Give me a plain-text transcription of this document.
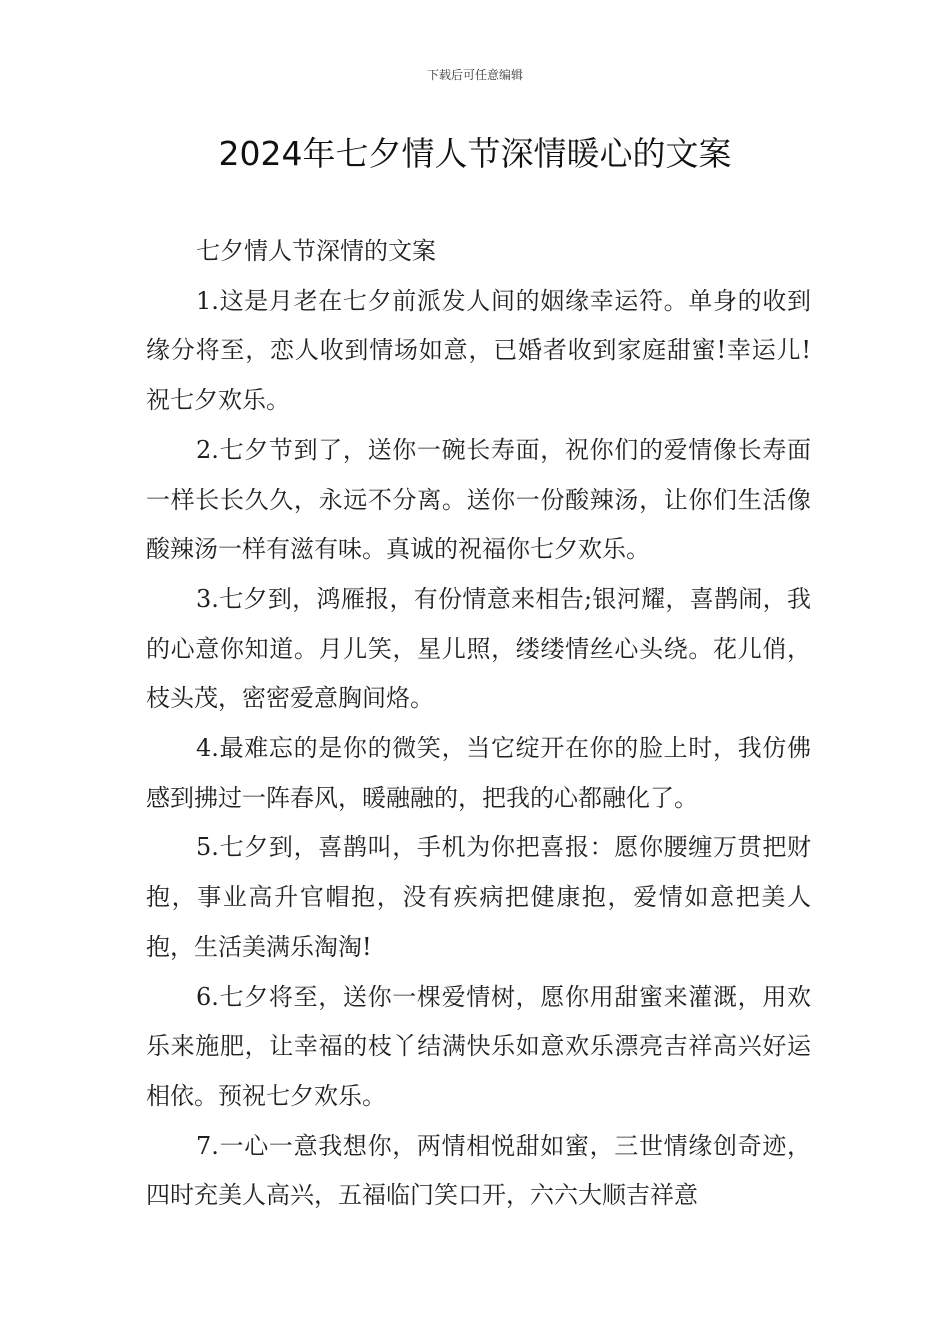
下载后可任意编辑
2024年七夕情人节深情暖心的文案

七夕情人节深情的文案

1.这是月老在七夕前派发人间的姻缘幸运符。单身的收到缘分将至，恋人收到情场如意，已婚者收到家庭甜蜜!幸运儿!祝七夕欢乐。

2.七夕节到了，送你一碗长寿面，祝你们的爱情像长寿面一样长长久久，永远不分离。送你一份酸辣汤，让你们生活像酸辣汤一样有滋有味。真诚的祝福你七夕欢乐。

3.七夕到，鸿雁报，有份情意来相告;银河耀，喜鹊闹，我的心意你知道。月儿笑，星儿照，缕缕情丝心头绕。花儿俏，枝头茂，密密爱意胸间烙。

4.最难忘的是你的微笑，当它绽开在你的脸上时，我仿佛感到拂过一阵春风，暖融融的，把我的心都融化了。

5.七夕到，喜鹊叫，手机为你把喜报：愿你腰缠万贯把财抱，事业高升官帽抱，没有疾病把健康抱，爱情如意把美人抱，生活美满乐淘淘!

6.七夕将至，送你一棵爱情树，愿你用甜蜜来灌溉，用欢乐来施肥，让幸福的枝丫结满快乐如意欢乐漂亮吉祥高兴好运相依。预祝七夕欢乐。

7.一心一意我想你，两情相悦甜如蜜，三世情缘创奇迹，四时充美人高兴，五福临门笑口开，六六大顺吉祥意
